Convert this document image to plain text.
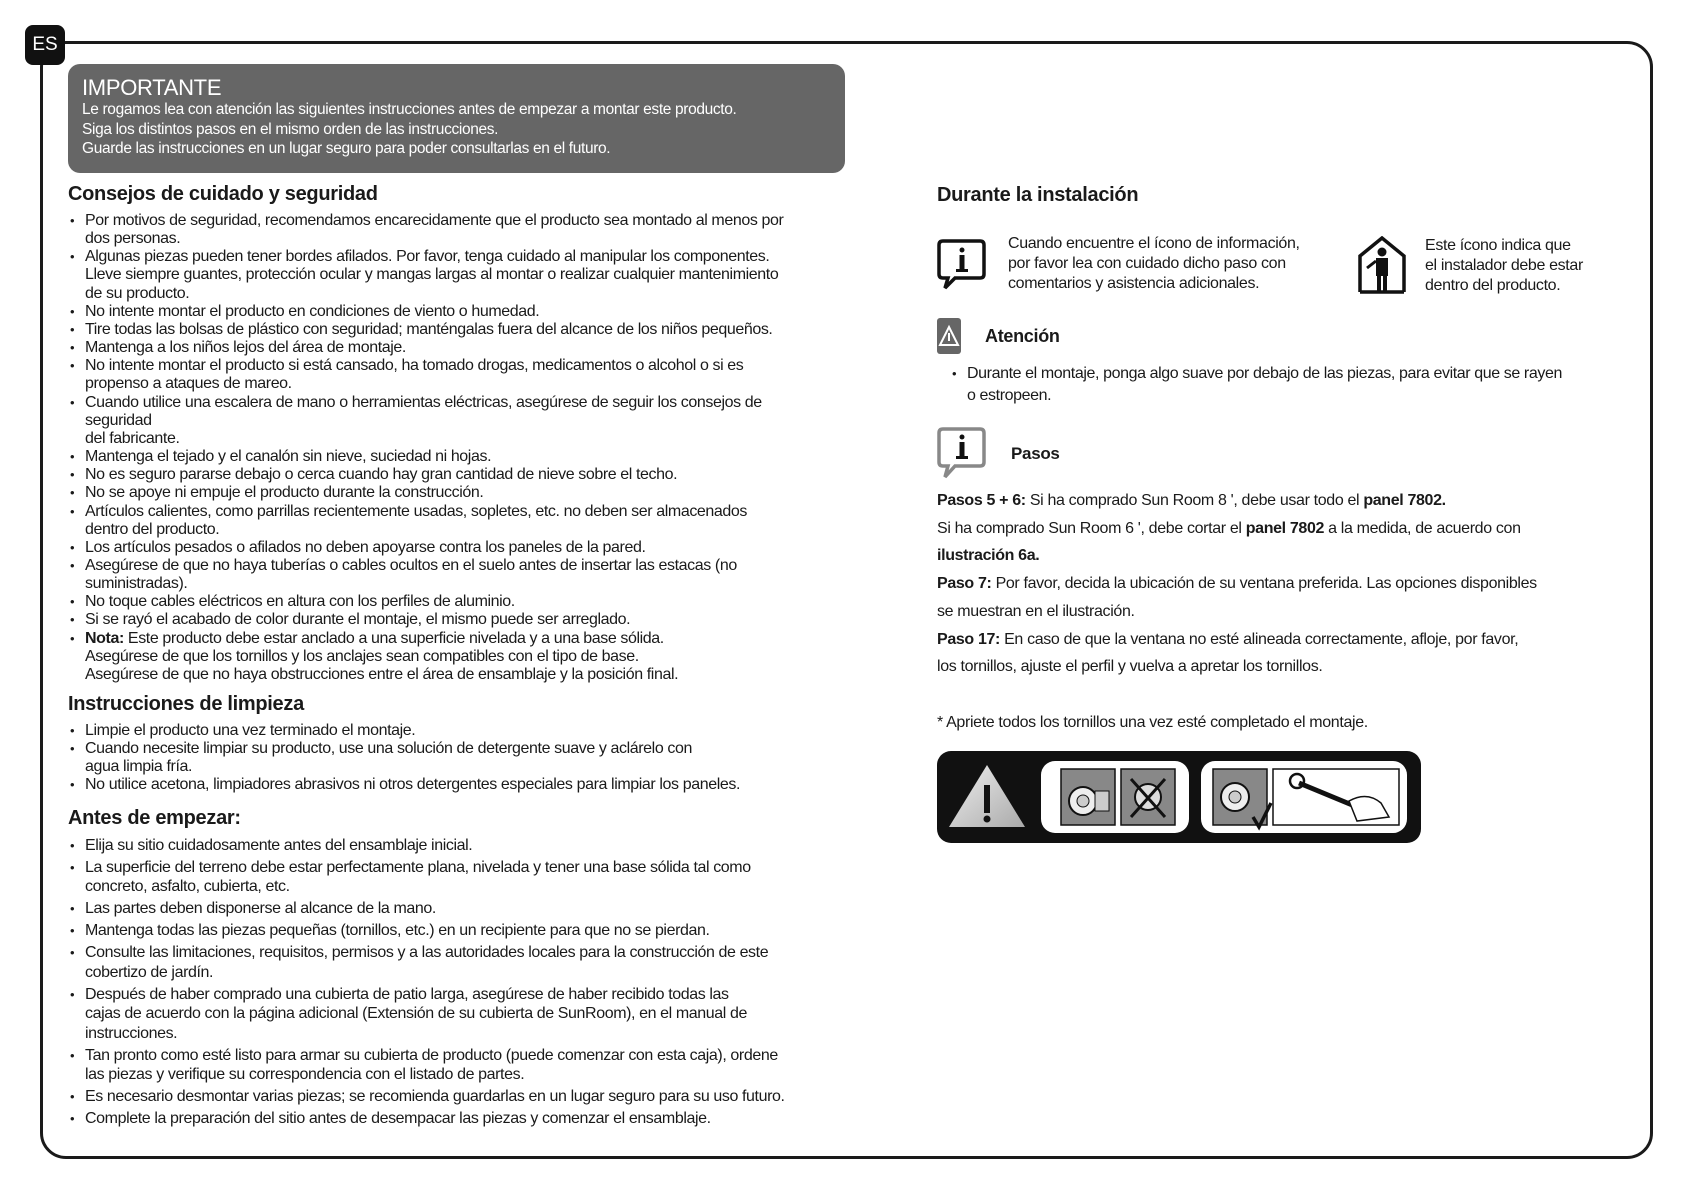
ES
IMPORTANTE

Le rogamos lea con atención las siguientes instrucciones antes de empezar a montar este producto.

Siga los distintos pasos en el mismo orden de las instrucciones.

Guarde las instrucciones en un lugar seguro para poder consultarlas en el futuro.

Consejos de cuidado y seguridad
• Por motivos de seguridad, recomendamos encarecidamente que el producto sea montado al menos por
dos personas.
• Algunas piezas pueden tener bordes afilados. Por favor, tenga cuidado al manipular los componentes.
Lleve siempre guantes, protección ocular y mangas largas al montar o realizar cualquier mantenimiento
de su producto.
• No intente montar el producto en condiciones de viento o humedad.
• Tire todas las bolsas de plástico con seguridad; manténgalas fuera del alcance de los niños pequeños.
• Mantenga a los niños lejos del área de montaje.
• No intente montar el producto si está cansado, ha tomado drogas, medicamentos o alcohol o si es
propenso a ataques de mareo.
• Cuando utilice una escalera de mano o herramientas eléctricas, asegúrese de seguir los consejos de
seguridad
del fabricante.
• Mantenga el tejado y el canalón sin nieve, suciedad ni hojas.
• No es seguro pararse debajo o cerca cuando hay gran cantidad de nieve sobre el techo.
• No se apoye ni empuje el producto durante la construcción.
• Artículos calientes, como parrillas recientemente usadas, sopletes, etc. no deben ser almacenados
dentro del producto.
• Los artículos pesados o afilados no deben apoyarse contra los paneles de la pared.
• Asegúrese de que no haya tuberías o cables ocultos en el suelo antes de insertar las estacas (no
suministradas).
• No toque cables eléctricos en altura con los perfiles de aluminio.
• Si se rayó el acabado de color durante el montaje, el mismo puede ser arreglado.
• Nota: Este producto debe estar anclado a una superficie nivelada y a una base sólida.
Asegúrese de que los tornillos y los anclajes sean compatibles con el tipo de base.
Asegúrese de que no haya obstrucciones entre el área de ensamblaje y la posición final.
Instrucciones de limpieza
• Limpie el producto una vez terminado el montaje.
• Cuando necesite limpiar su producto, use una solución de detergente suave y aclárelo con
agua limpia fría.
• No utilice acetona, limpiadores abrasivos ni otros detergentes especiales para limpiar los paneles.
Antes de empezar:
• Elija su sitio cuidadosamente antes del ensamblaje inicial.
• La superficie del terreno debe estar perfectamente plana, nivelada y tener una base sólida tal como
concreto, asfalto, cubierta, etc.
• Las partes deben disponerse al alcance de la mano.
• Mantenga todas las piezas pequeñas (tornillos, etc.) en un recipiente para que no se pierdan.
• Consulte las limitaciones, requisitos, permisos y a las autoridades locales para la construcción de este
cobertizo de jardín.
• Después de haber comprado una cubierta de patio larga, asegúrese de haber recibido todas las
cajas de acuerdo con la página adicional (Extensión de su cubierta de SunRoom), en el manual de
instrucciones.
• Tan pronto como esté listo para armar su cubierta de producto (puede comenzar con esta caja), ordene
las piezas y verifique su correspondencia con el listado de partes.
• Es necesario desmontar varias piezas; se recomienda guardarlas en un lugar seguro para su uso futuro.
• Complete la preparación del sitio antes de desempacar las piezas y comenzar el ensamblaje.
Durante la instalación
Cuando encuentre el ícono de información,
por favor lea con cuidado dicho paso con
comentarios y asistencia adicionales.
Este ícono indica que
el instalador debe estar
dentro del producto.
Atención
• Durante el montaje, ponga algo suave por debajo de las piezas, para evitar que se rayen
o estropeen.
Pasos

Pasos 5 + 6: Si ha comprado Sun Room 8 ', debe usar todo el panel 7802.

Si ha comprado Sun Room 6 ', debe cortar el panel 7802 a la medida, de acuerdo con

ilustración 6a.

Paso 7: Por favor, decida la ubicación de su ventana preferida. Las opciones disponibles
se muestran en el ilustración.

Paso 17: En caso de que la ventana no esté alineada correctamente, afloje, por favor,
los tornillos, ajuste el perfil y vuelva a apretar los tornillos.

* Apriete todos los tornillos una vez esté completado el montaje.
